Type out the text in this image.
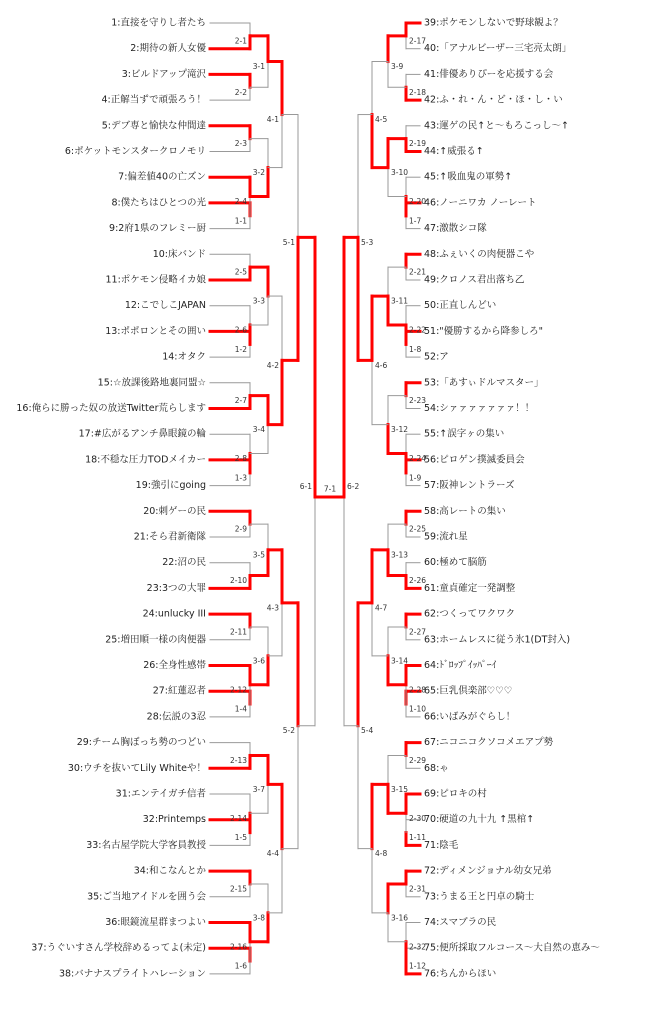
1:直接を守りし者たち
2:期待の新人女優
3:ビルドアップ滝沢
4:正解当ずで頑張ろう！
5:デブ専と愉快な仲間達
6:ポケットモンスタークロノモリ
7:偏差値40の亡ズン
8:僕たちはひとつの光
9:2府1県のフレミー厨
10:床バンド
11:ポケモン侵略イカ娘
12:こでしこJAPAN
13:ポポロンとその囲い
14:オタク
15:☆放課後路地裏同盟☆
16:俺らに勝った奴の放送Twitter荒らします
17:#広がるアンチ鼻眼鏡の輪
18:不穏な圧力TODメイカー
19:強引にgoing
20:刺ゲーの民
21:そら君新衛隊
22:沼の民
23:3つの大罪
24:unlucky III
25:増田順一様の肉便器
26:全身性感帯
27:紅蓮忍者
28:伝説の3忍
29:チーム胸ぼっち勢のつどい
30:ウチを抜いてLily Whiteや！
31:エンテイガチ信者
32:Printemps
33:名古屋学院大学客員教授
34:和こなんとか
35:ご当地アイドルを囲う会
36:眼鏡流星群まつよい
37:うぐいすさん学校辞めるってよ(未定)
38:バナナスプライトハレーション
2-1
2-2
3-1
2-3
1-1
2-4
3-2
4-1
2-5
1-2
2-6
3-3
2-7
1-3
2-8
3-4
4-2
5-1
2-9
2-10
3-5
2-11
1-4
2-12
3-6
4-3
2-13
1-5
2-14
3-7
2-15
1-6
2-16
3-8
4-4
5-2
6-1
39:ポケモンしないで野球観よ？
40:「アナルビーザー三宅亮太朗」
41:俳優ありぴーを応援する会
42:ふ・れ・ん・ど・ほ・し・い
43:運ゲの民↑と～もろこっし～↑
44:↑威張る↑
45:↑吸血鬼の軍勢↑
46:ノーニワカ ノーレート
47:激散シコ隊
48:ふぇいくの肉便器こや
49:クロノス君出落ち乙
50:正直しんどい
51:"優勝するから降参しろ"
52:ア
53:「あすぃドルマスター」
54:シァァァァァァァ！！
55:↑誤字ヶの集い
56:ピロゲン撲滅委員会
57:阪神レントラーズ
58:高レートの集い
59:流れ星
60:極めて脳筋
61:童貞確定一発調整
62:つくってワクワク
63:ホームレスに従う氷1(DT封入)
64:ﾄﾞﾛｯﾌﾟｲｯﾊﾟｰｲ
65:巨乳倶楽部♡♡♡
66:いばみがぐらし！
67:ニコニコクソコメエアプ勢
68:ゃ
69:ピロキの村
70:硬道の九十九 ↑黒棺↑
71:陰毛
72:ディメンジョナル幼女兄弟
73:うまる王と円卓の騎士
74:スマブラの民
75:便所採取フルコース～大自然の恵み～
76:ちんからほい
2-17
2-18
3-9
2-19
1-7
2-20
3-10
4-5
2-21
1-8
2-22
3-11
2-23
1-9
2-24
3-12
4-6
5-3
2-25
2-26
3-13
2-27
1-10
2-28
3-14
4-7
2-29
1-11
2-30
3-15
2-31
1-12
2-32
3-16
4-8
5-4
6-2
7-1
